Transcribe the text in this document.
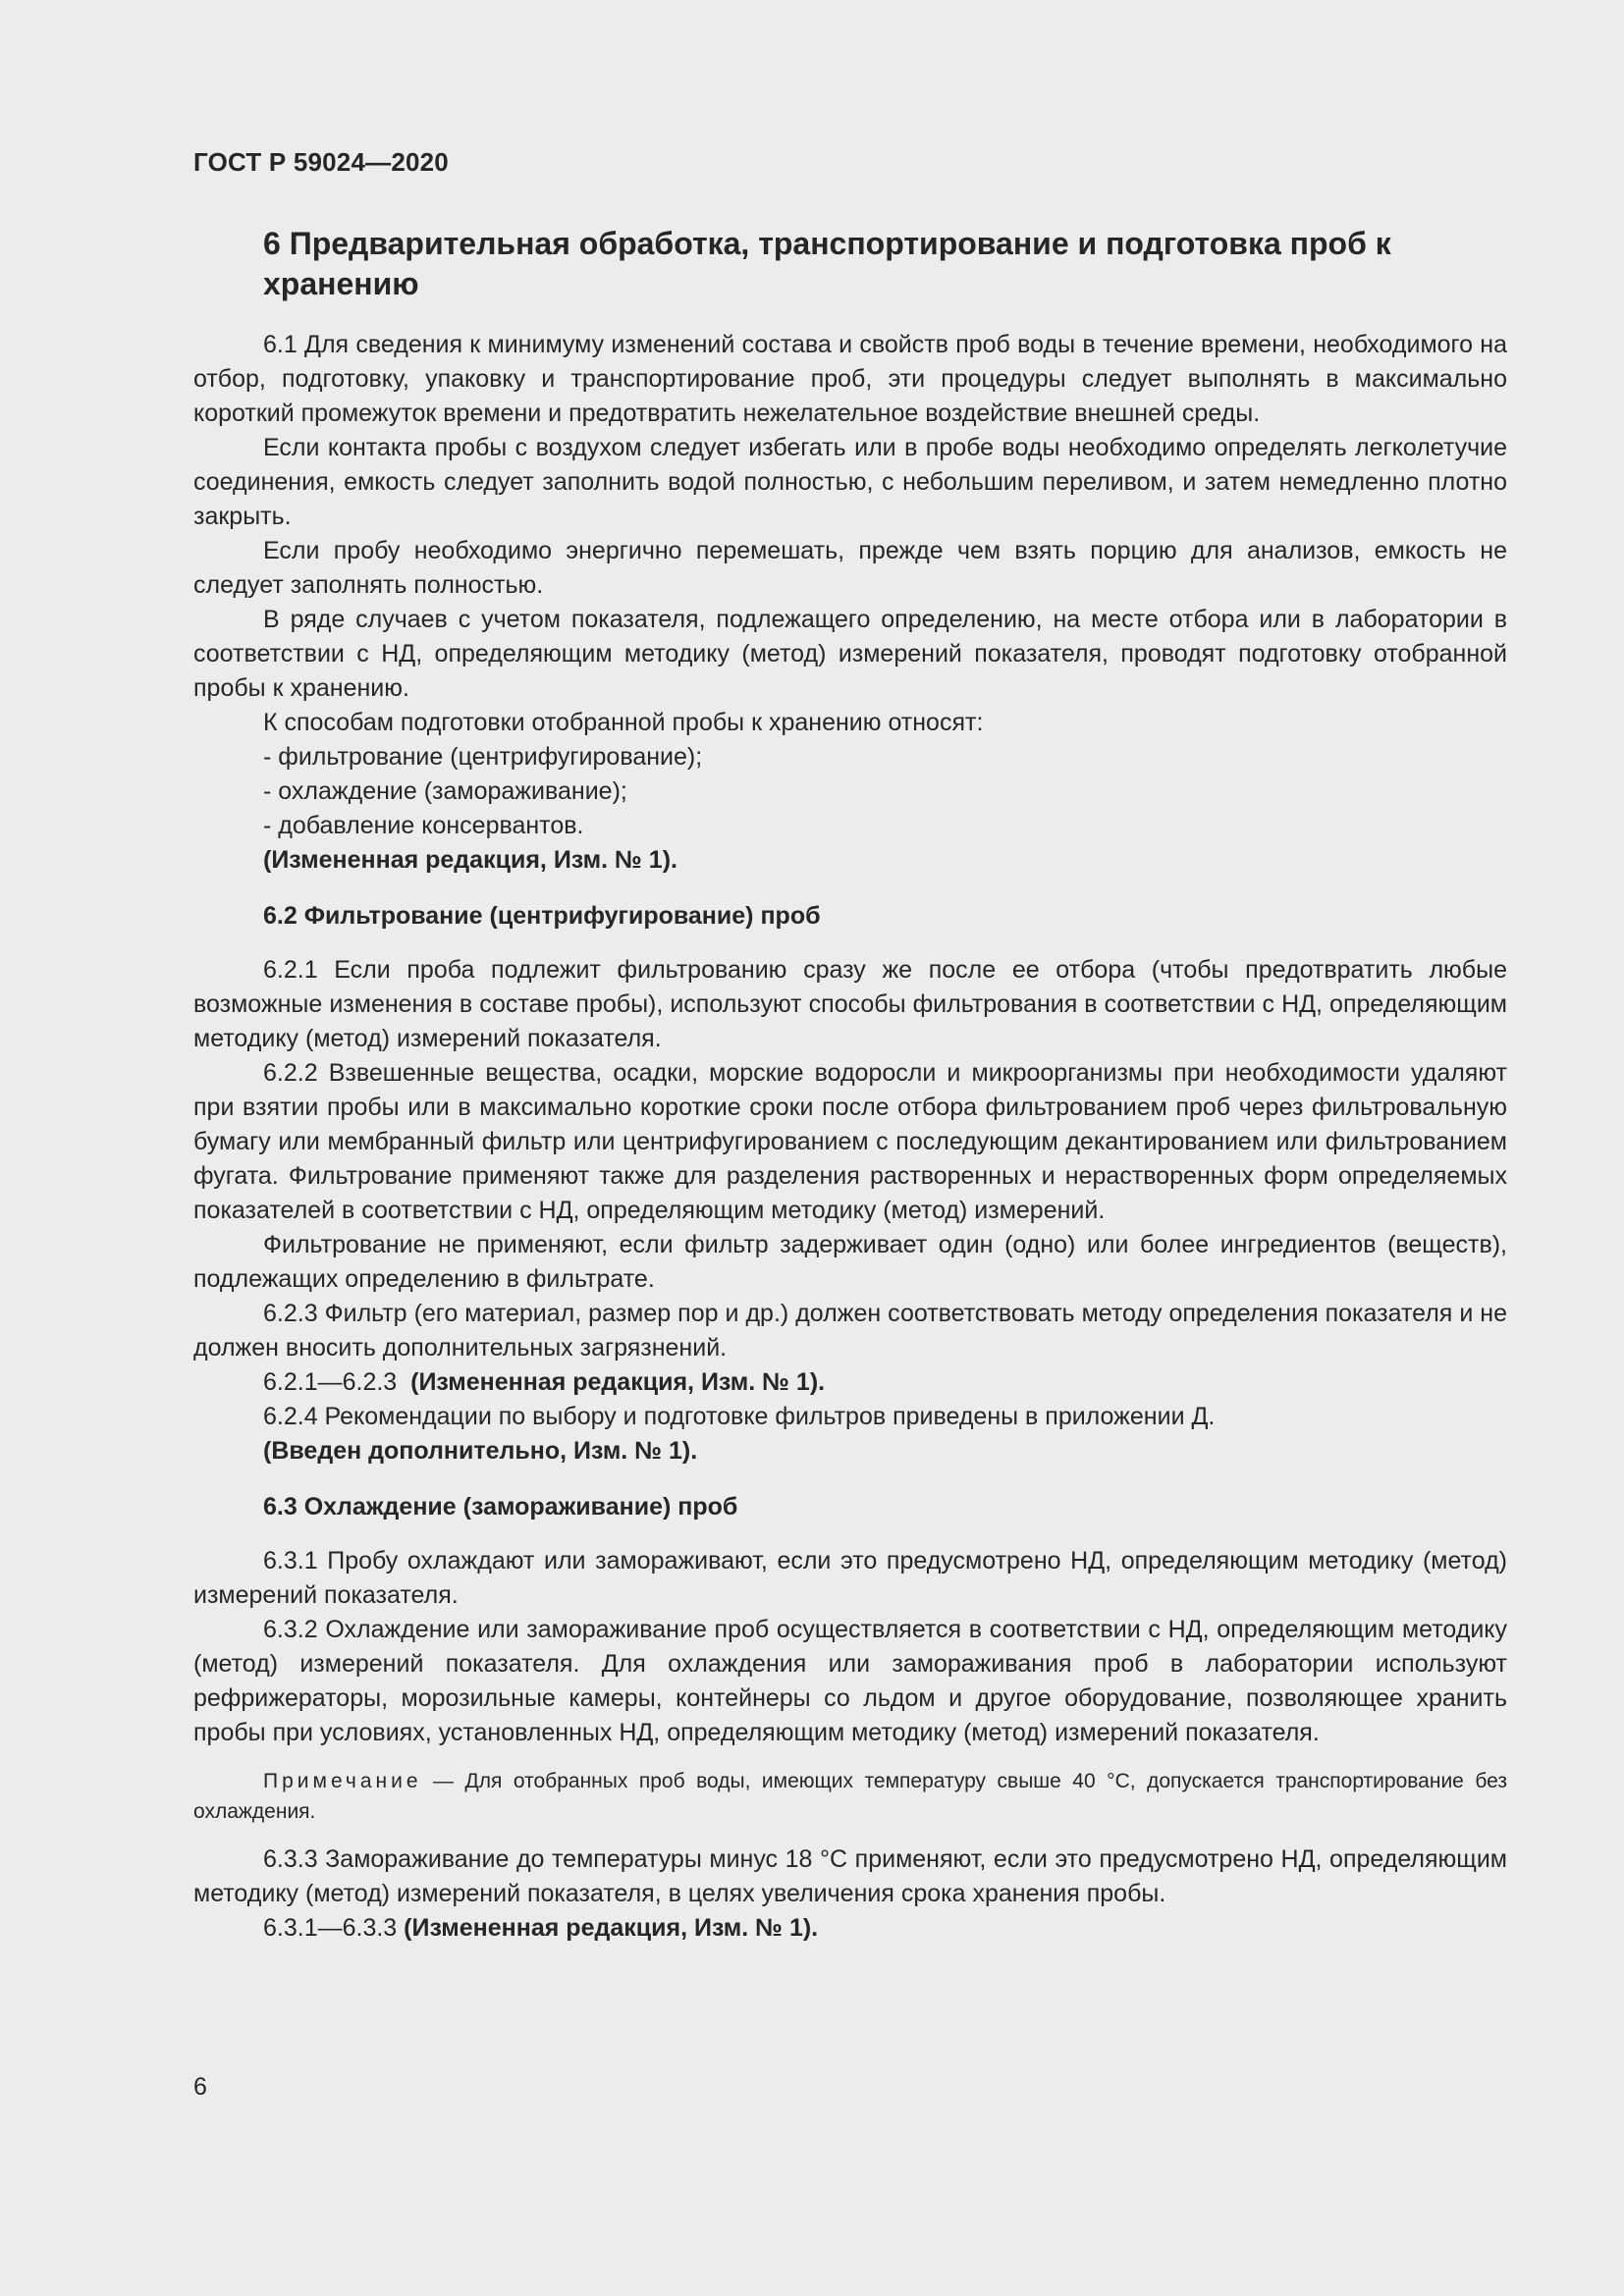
ГОСТ Р 59024—2020
6 Предварительная обработка, транспортирование и подготовка проб к хранению

6.1 Для сведения к минимуму изменений состава и свойств проб воды в течение времени, необходимого на отбор, подготовку, упаковку и транспортирование проб, эти процедуры следует выполнять в максимально короткий промежуток времени и предотвратить нежелательное воздействие внешней среды.

Если контакта пробы с воздухом следует избегать или в пробе воды необходимо определять легколетучие соединения, емкость следует заполнить водой полностью, с небольшим переливом, и затем немедленно плотно закрыть.

Если пробу необходимо энергично перемешать, прежде чем взять порцию для анализов, емкость не следует заполнять полностью.

В ряде случаев с учетом показателя, подлежащего определению, на месте отбора или в лаборатории в соответствии с НД, определяющим методику (метод) измерений показателя, проводят подготовку отобранной пробы к хранению.

К способам подготовки отобранной пробы к хранению относят:

- фильтрование (центрифугирование);

- охлаждение (замораживание);

- добавление консервантов.

(Измененная редакция, Изм. № 1).

6.2 Фильтрование (центрифугирование) проб

6.2.1 Если проба подлежит фильтрованию сразу же после ее отбора (чтобы предотвратить любые возможные изменения в составе пробы), используют способы фильтрования в соответствии с НД, определяющим методику (метод) измерений показателя.

6.2.2 Взвешенные вещества, осадки, морские водоросли и микроорганизмы при необходимости удаляют при взятии пробы или в максимально короткие сроки после отбора фильтрованием проб через фильтровальную бумагу или мембранный фильтр или центрифугированием с последующим декантированием или фильтрованием фугата. Фильтрование применяют также для разделения растворенных и нерастворенных форм определяемых показателей в соответствии с НД, определяющим методику (метод) измерений.

Фильтрование не применяют, если фильтр задерживает один (одно) или более ингредиентов (веществ), подлежащих определению в фильтрате.

6.2.3 Фильтр (его материал, размер пор и др.) должен соответствовать методу определения показателя и не должен вносить дополнительных загрязнений.

6.2.1—6.2.3 (Измененная редакция, Изм. № 1).

6.2.4 Рекомендации по выбору и подготовке фильтров приведены в приложении Д.

(Введен дополнительно, Изм. № 1).

6.3 Охлаждение (замораживание) проб

6.3.1 Пробу охлаждают или замораживают, если это предусмотрено НД, определяющим методику (метод) измерений показателя.

6.3.2 Охлаждение или замораживание проб осуществляется в соответствии с НД, определяющим методику (метод) измерений показателя. Для охлаждения или замораживания проб в лаборатории используют рефрижераторы, морозильные камеры, контейнеры со льдом и другое оборудование, позволяющее хранить пробы при условиях, установленных НД, определяющим методику (метод) измерений показателя.

Примечание — Для отобранных проб воды, имеющих температуру свыше 40 °С, допускается транспортирование без охлаждения.

6.3.3 Замораживание до температуры минус 18 °С применяют, если это предусмотрено НД, определяющим методику (метод) измерений показателя, в целях увеличения срока хранения пробы.

6.3.1—6.3.3 (Измененная редакция, Изм. № 1).

6
